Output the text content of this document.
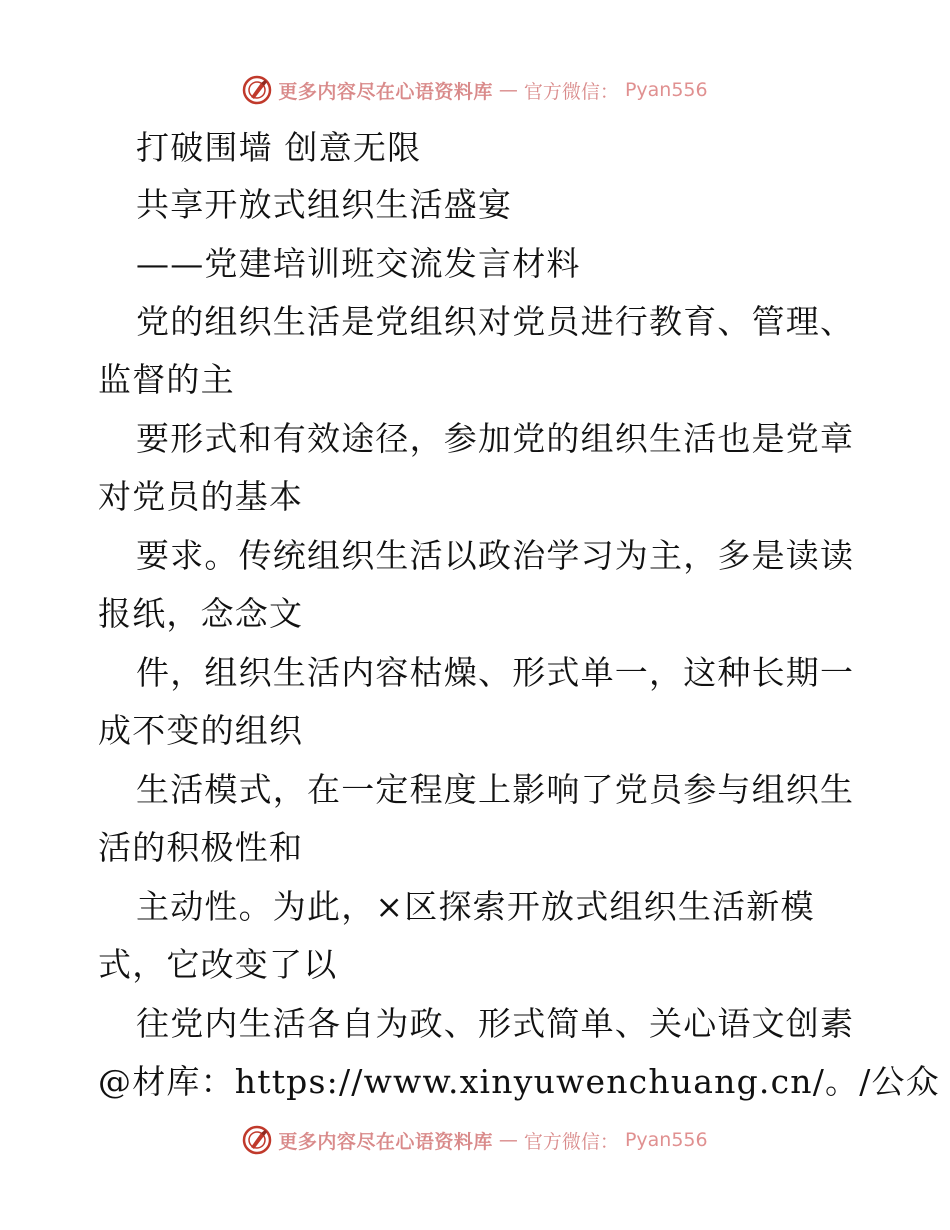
更多内容尽在心语资料库 — 官方微信： Pyan556
打破围墙 创意无限
共享开放式组织生活盛宴
——党建培训班交流发言材料
党的组织生活是党组织对党员进行教育、管理、
监督的主
要形式和有效途径，参加党的组织生活也是党章
对党员的基本
要求。传统组织生活以政治学习为主，多是读读
报纸，念念文
件，组织生活内容枯燥、形式单一，这种长期一
成不变的组织
生活模式，在一定程度上影响了党员参与组织生
活的积极性和
主动性。为此，×区探索开放式组织生活新模
式，它改变了以
往党内生活各自为政、形式简单、关心语文创素
@材库：https://www.xinyuwenchuang.cn/。/公众
更多内容尽在心语资料库 — 官方微信： Pyan556
